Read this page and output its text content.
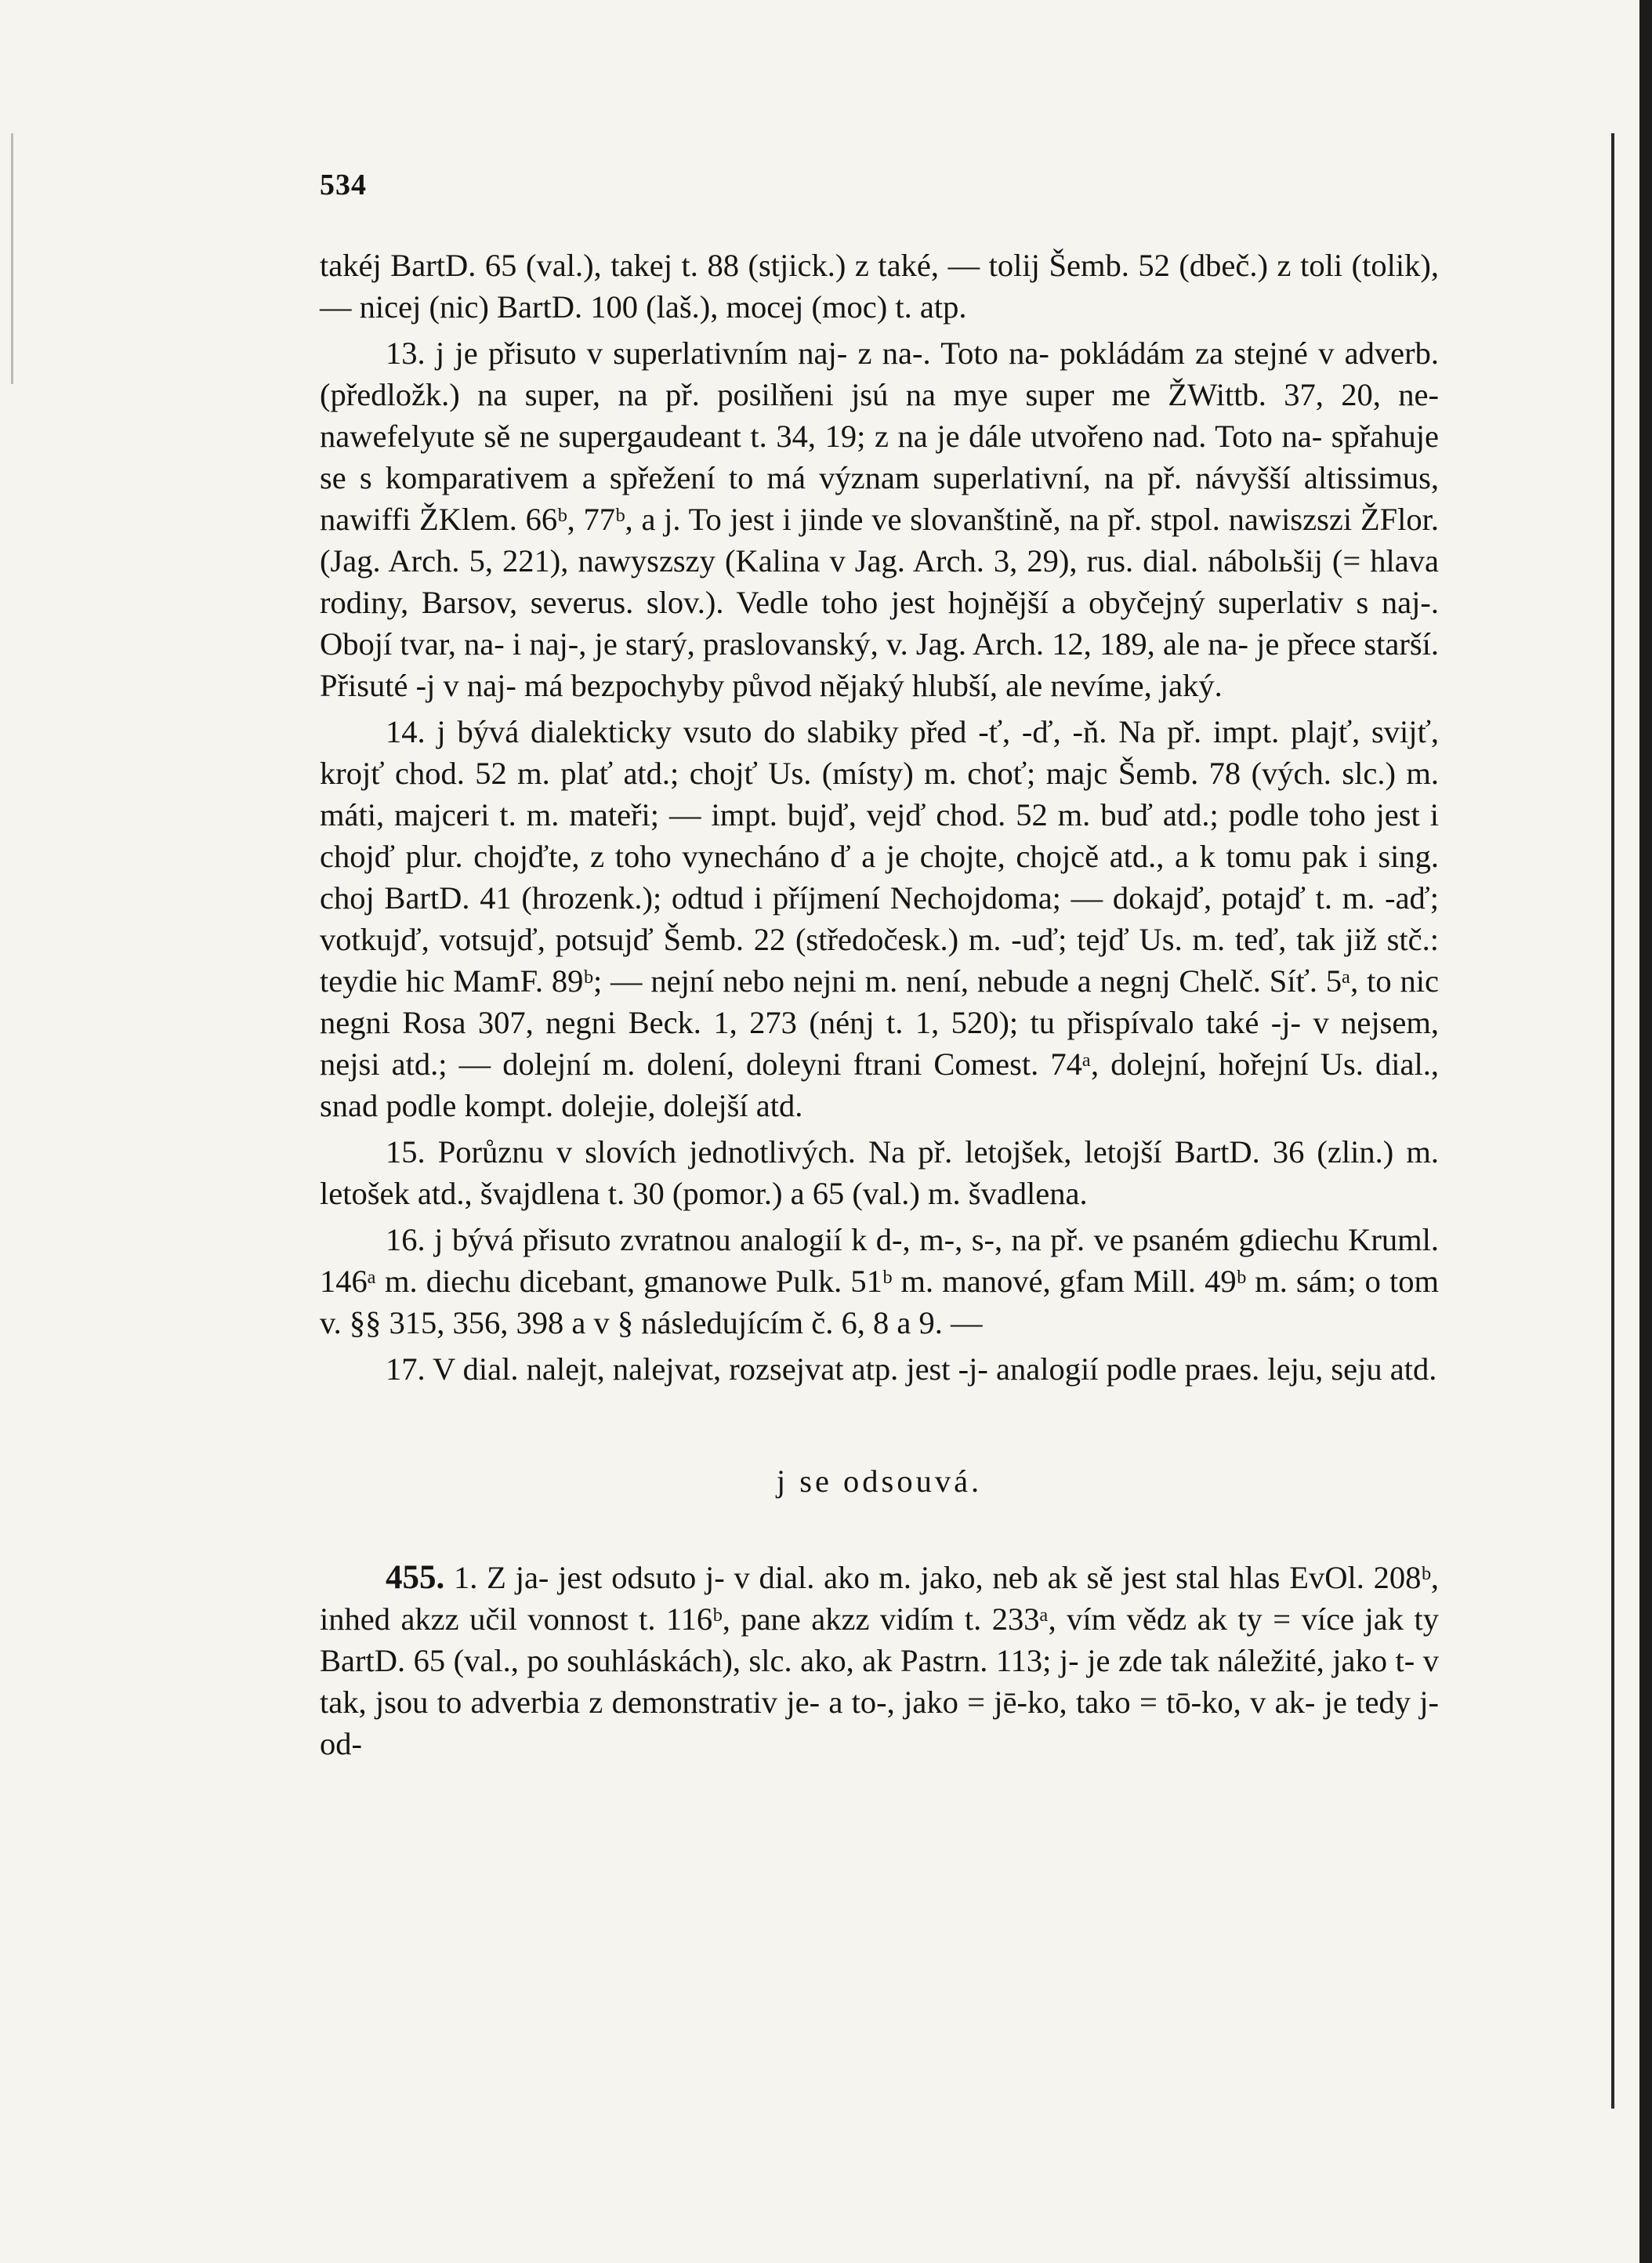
534

takéj BartD. 65 (val.), takej t. 88 (stjick.) z také, — tolij Šemb. 52 (dbeč.) z toli (tolik), — nicej (nic) BartD. 100 (laš.), mocej (moc) t. atp.

13. j je přisuto v superlativním naj- z na-. Toto na- pokládám za stejné v adverb. (předložk.) na super, na př. posilňeni jsú na mye super me ŽWittb. 37, 20, ne-nawefelyute sě ne supergaudeant t. 34, 19; z na je dále utvořeno nad. Toto na- spřahuje se s komparativem a spřežení to má význam superlativní, na př. návyšší altissimus, nawiffi ŽKlem. 66ᵇ, 77ᵇ, a j. To jest i jinde ve slovanštině, na př. stpol. nawiszszi ŽFlor. (Jag. Arch. 5, 221), nawyszszy (Kalina v Jag. Arch. 3, 29), rus. dial. nábolьšij (= hlava rodiny, Barsov, severus. slov.). Vedle toho jest hojnější a obyčejný superlativ s naj-. Obojí tvar, na- i naj-, je starý, praslovanský, v. Jag. Arch. 12, 189, ale na- je přece starší. Přisuté -j v naj- má bezpochyby původ nějaký hlubší, ale nevíme, jaký.

14. j bývá dialekticky vsuto do slabiky před -ť, -ď, -ň. Na př. impt. plajť, svijť, krojť chod. 52 m. plať atd.; chojť Us. (místy) m. choť; majc Šemb. 78 (vých. slc.) m. máti, majceri t. m. mateři; — impt. bujď, vejď chod. 52 m. buď atd.; podle toho jest i chojď plur. chojďte, z toho vynecháno ď a je chojte, chojcě atd., a k tomu pak i sing. choj BartD. 41 (hrozenk.); odtud i příjmení Nechojdoma; — dokajď, potajď t. m. -aď; votkujď, votsujď, potsujď Šemb. 22 (středočesk.) m. -uď; tejď Us. m. teď, tak již stč.: teydie hic MamF. 89ᵇ; — nejní nebo nejni m. není, nebude a negnj Chelč. Síť. 5ᵃ, to nic negni Rosa 307, negni Beck. 1, 273 (nénj t. 1, 520); tu přispívalo také -j- v nejsem, nejsi atd.; — dolejní m. dolení, doleyni ftrani Comest. 74ᵃ, dolejní, hořejní Us. dial., snad podle kompt. dolejie, dolejší atd.

15. Porůznu v slovích jednotlivých. Na př. letojšek, letojší BartD. 36 (zlin.) m. letošek atd., švajdlena t. 30 (pomor.) a 65 (val.) m. švadlena.

16. j bývá přisuto zvratnou analogií k d-, m-, s-, na př. ve psaném gdiechu Kruml. 146ᵃ m. diechu dicebant, gmanowe Pulk. 51ᵇ m. manové, gfam Mill. 49ᵇ m. sám; o tom v. §§ 315, 356, 398 a v § následujícím č. 6, 8 a 9. —

17. V dial. nalejt, nalejvat, rozsejvat atp. jest -j- analogií podle praes. leju, seju atd.

j se odsouvá.

455. 1. Z ja- jest odsuto j- v dial. ako m. jako, neb ak sě jest stal hlas EvOl. 208ᵇ, inhed akzz učil vonnost t. 116ᵇ, pane akzz vidím t. 233ᵃ, vím vědz ak ty = více jak ty BartD. 65 (val., po souhláskách), slc. ako, ak Pastrn. 113; j- je zde tak náležité, jako t- v tak, jsou to adverbia z demonstrativ je- a to-, jako = jē-ko, tako = tō-ko, v ak- je tedy j- od-
